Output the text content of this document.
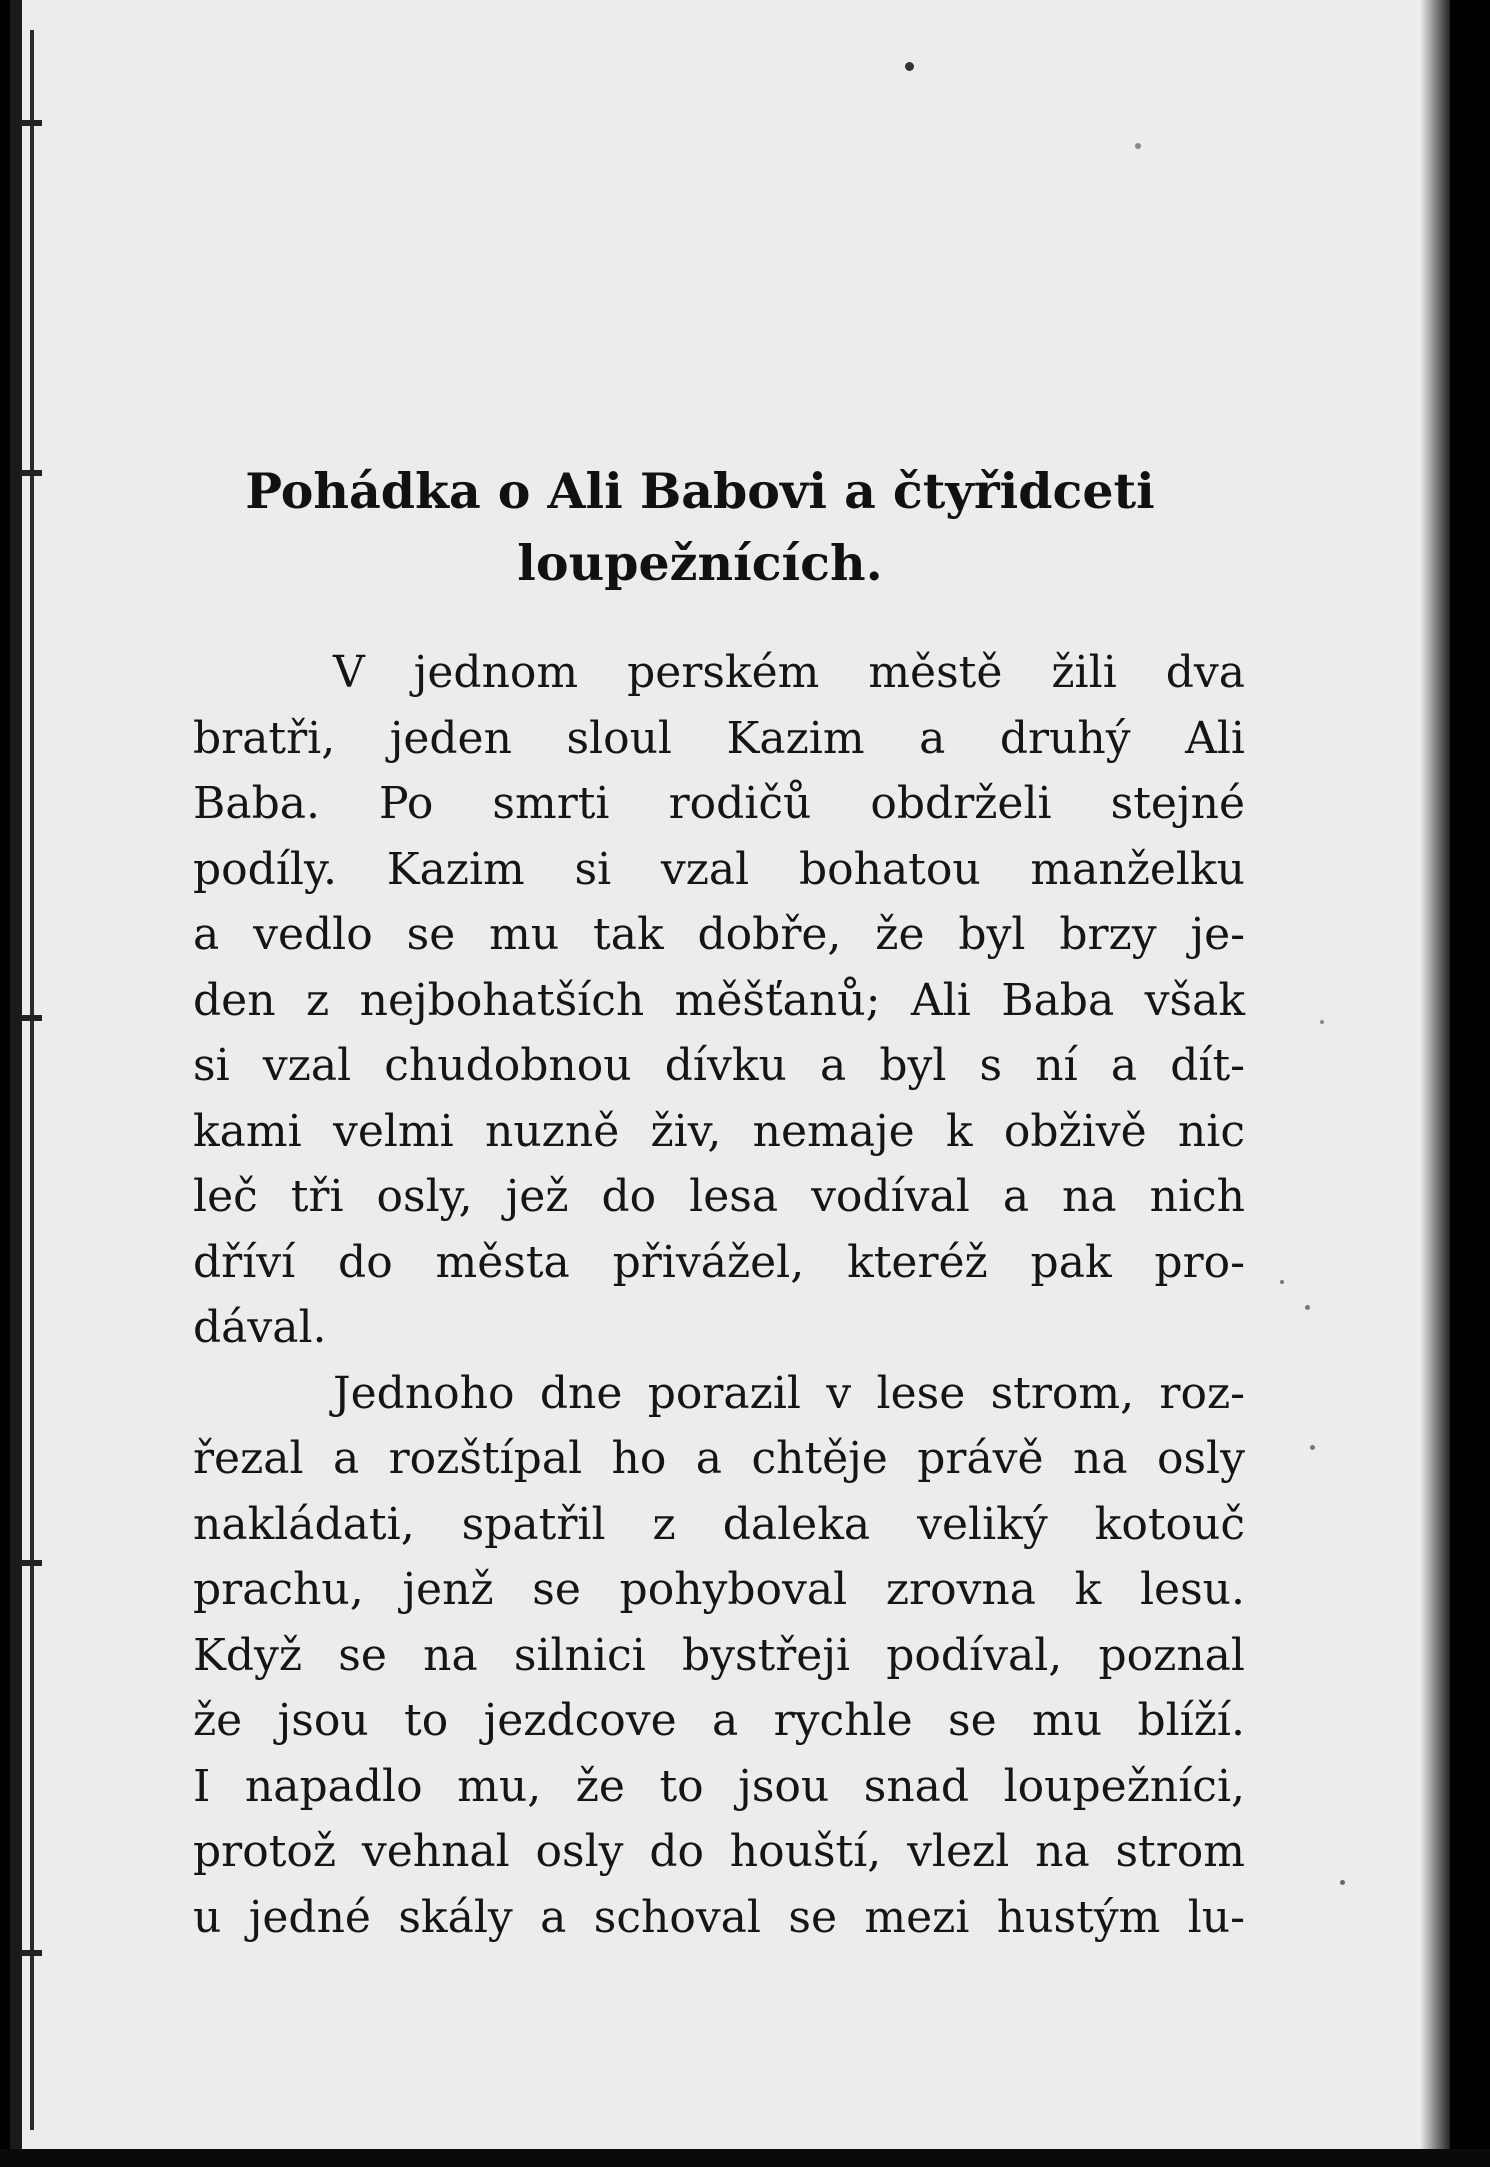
Pohádka o Ali Babovi a čtyřidceti
loupežnících.
V jednom perském městě žili dva
bratři, jeden sloul Kazim a druhý Ali
Baba. Po smrti rodičů obdrželi stejné
podíly. Kazim si vzal bohatou manželku
a vedlo se mu tak dobře, že byl brzy je-
den z nejbohatších měšťanů; Ali Baba však
si vzal chudobnou dívku a byl s ní a dít-
kami velmi nuzně živ, nemaje k obživě nic
leč tři osly, jež do lesa vodíval a na nich
dříví do města přivážel, kteréž pak pro-
dával.
Jednoho dne porazil v lese strom, roz-
řezal a rozštípal ho a chtěje právě na osly
nakládati, spatřil z daleka veliký kotouč
prachu, jenž se pohyboval zrovna k lesu.
Když se na silnici bystřeji podíval, poznal
že jsou to jezdcove a rychle se mu blíží.
I napadlo mu, že to jsou snad loupežníci,
protož vehnal osly do houští, vlezl na strom
u jedné skály a schoval se mezi hustým lu-
